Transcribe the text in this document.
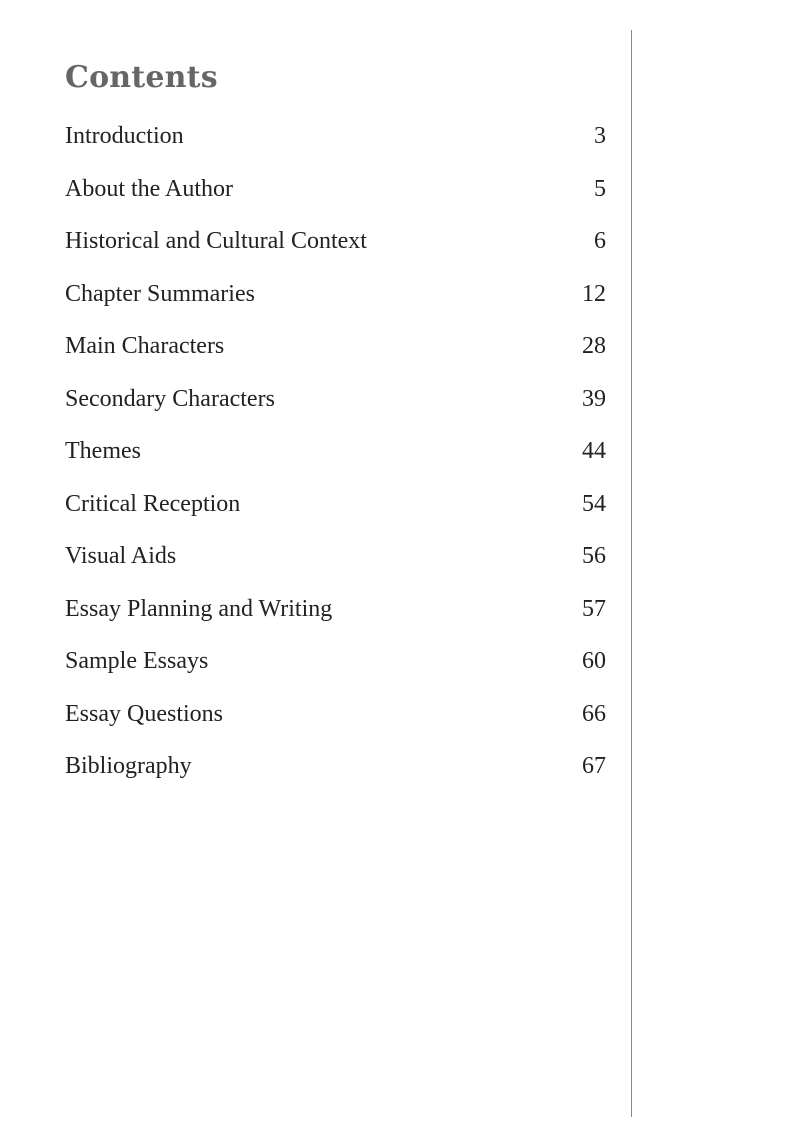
Contents
Introduction	3
About the Author	5
Historical and Cultural Context	6
Chapter Summaries	12
Main Characters	28
Secondary Characters	39
Themes	44
Critical Reception	54
Visual Aids	56
Essay Planning and Writing	57
Sample Essays	60
Essay Questions	66
Bibliography	67
